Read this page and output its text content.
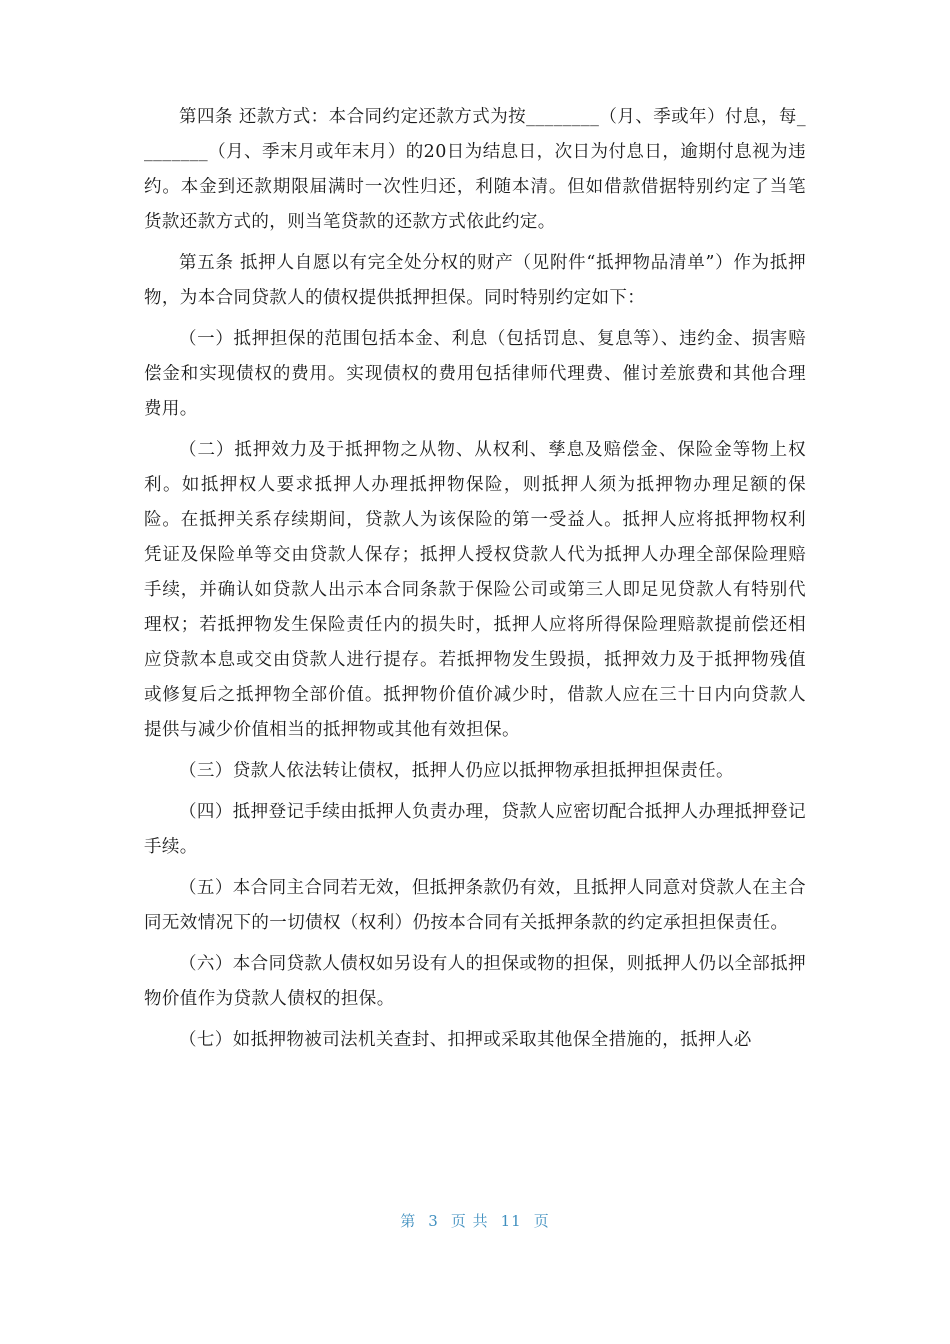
第四条 还款方式：本合同约定还款方式为按________（月、季或年）付息，每________（月、季末月或年末月）的20日为结息日，次日为付息日，逾期付息视为违约。本金到还款期限届满时一次性归还，利随本清。但如借款借据特别约定了当笔货款还款方式的，则当笔贷款的还款方式依此约定。

第五条 抵押人自愿以有完全处分权的财产（见附件“抵押物品清单”）作为抵押物，为本合同贷款人的债权提供抵押担保。同时特别约定如下：

（一）抵押担保的范围包括本金、利息（包括罚息、复息等）、违约金、损害赔偿金和实现债权的费用。实现债权的费用包括律师代理费、催讨差旅费和其他合理费用。

（二）抵押效力及于抵押物之从物、从权利、孳息及赔偿金、保险金等物上权利。如抵押权人要求抵押人办理抵押物保险，则抵押人须为抵押物办理足额的保险。在抵押关系存续期间，贷款人为该保险的第一受益人。抵押人应将抵押物权利凭证及保险单等交由贷款人保存；抵押人授权贷款人代为抵押人办理全部保险理赔手续，并确认如贷款人出示本合同条款于保险公司或第三人即足见贷款人有特别代理权；若抵押物发生保险责任内的损失时，抵押人应将所得保险理赔款提前偿还相应贷款本息或交由贷款人进行提存。若抵押物发生毁损，抵押效力及于抵押物残值或修复后之抵押物全部价值。抵押物价值价减少时，借款人应在三十日内向贷款人提供与减少价值相当的抵押物或其他有效担保。

（三）贷款人依法转让债权，抵押人仍应以抵押物承担抵押担保责任。

（四）抵押登记手续由抵押人负责办理，贷款人应密切配合抵押人办理抵押登记手续。

（五）本合同主合同若无效，但抵押条款仍有效，且抵押人同意对贷款人在主合同无效情况下的一切债权（权利）仍按本合同有关抵押条款的约定承担担保责任。

（六）本合同贷款人债权如另设有人的担保或物的担保，则抵押人仍以全部抵押物价值作为贷款人债权的担保。

（七）如抵押物被司法机关查封、扣押或采取其他保全措施的，抵押人必

第 3 页 共 11 页
